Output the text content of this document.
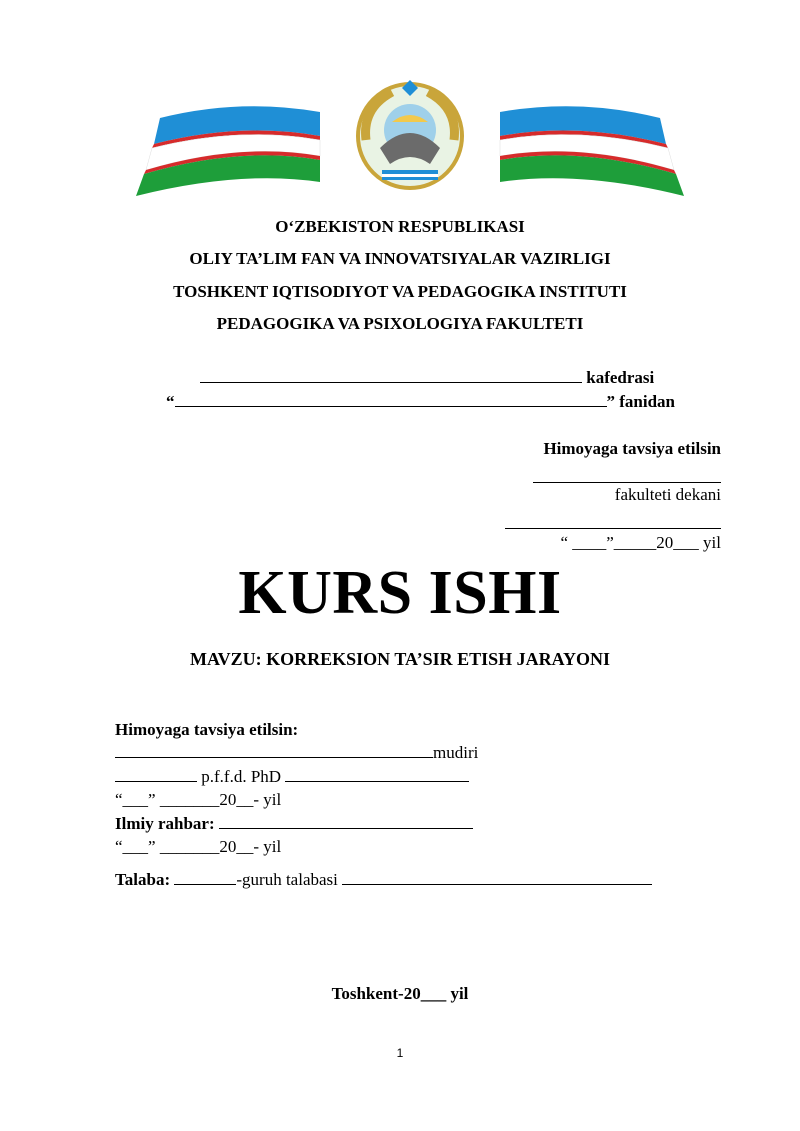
O‘ZBEKISTON RESPUBLIKASI
OLIY TA’LIM FAN VA INNOVATSIYALAR VAZIRLIGI
TOSHKENT IQTISODIYOT VA PEDAGOGIKA INSTITUTI
PEDAGOGIKA VA PSIXOLOGIYA FAKULTETI
kafedrasi
“	” fanidan
Himoyaga tavsiya etilsin
fakulteti dekani
“ ____”_____20___ yil
KURS ISHI
MAVZU: KORREKSION TA’SIR ETISH JARAYONI
Himoyaga tavsiya etilsin:
mudiri
p.f.f.d. PhD
“___” _______20__- yil
Ilmiy rahbar:
“___” _______20__- yil
Talaba:	-guruh talabasi
Toshkent-20___ yil
1
